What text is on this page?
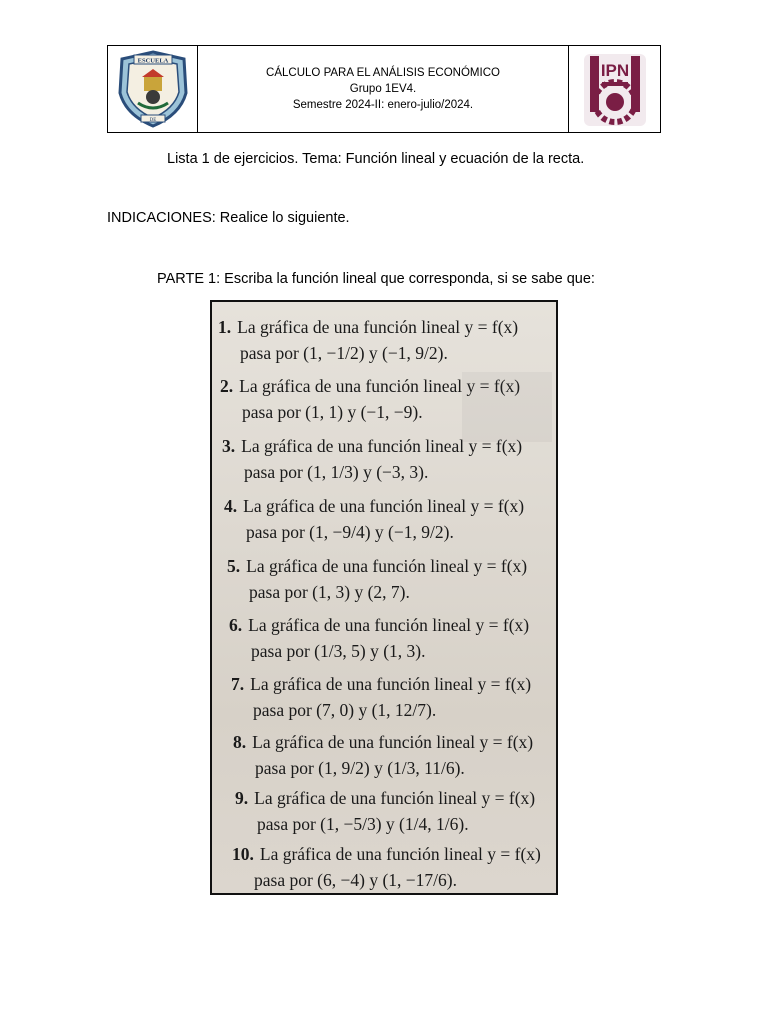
ESCUELA
DE
CÁLCULO PARA EL ANÁLISIS ECONÓMICO
Grupo 1EV4.
Semestre 2024-II: enero-julio/2024.
IPN
Lista 1 de ejercicios. Tema: Función lineal y ecuación de la recta.
INDICACIONES: Realice lo siguiente.
PARTE 1: Escriba la función lineal que corresponda, si se sabe que:
1. La gráfica de una función lineal y = f(x)
pasa por (1, −1/2) y (−1, 9/2).
2. La gráfica de una función lineal y = f(x)
pasa por (1, 1) y (−1, −9).
3. La gráfica de una función lineal y = f(x)
pasa por (1, 1/3) y (−3, 3).
4. La gráfica de una función lineal y = f(x)
pasa por (1, −9/4) y (−1, 9/2).
5. La gráfica de una función lineal y = f(x)
pasa por (1, 3) y (2, 7).
6. La gráfica de una función lineal y = f(x)
pasa por (1/3, 5) y (1, 3).
7. La gráfica de una función lineal y = f(x)
pasa por (7, 0) y (1, 12/7).
8. La gráfica de una función lineal y = f(x)
pasa por (1, 9/2) y (1/3, 11/6).
9. La gráfica de una función lineal y = f(x)
pasa por (1, −5/3) y (1/4, 1/6).
10. La gráfica de una función lineal y = f(x)
pasa por (6, −4) y (1, −17/6).
